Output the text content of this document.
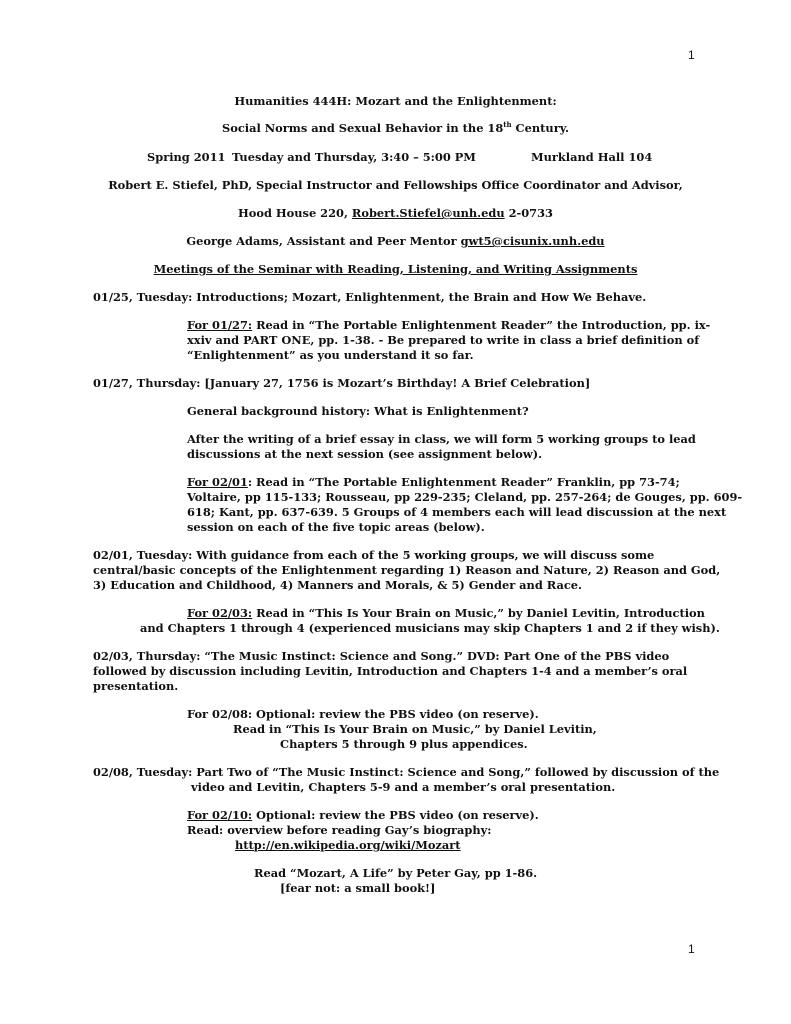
1
Humanities 444H: Mozart and the Enlightenment:
Social Norms and Sexual Behavior in the 18th Century.
Spring 2011 Tuesday and Thursday, 3:40 – 5:00 PM	Murkland Hall 104
Robert E. Stiefel, PhD, Special Instructor and Fellowships Office Coordinator and Advisor,
Hood House 220, Robert.Stiefel@unh.edu 2-0733
George Adams, Assistant and Peer Mentor gwt5@cisunix.unh.edu
Meetings of the Seminar with Reading, Listening, and Writing Assignments
01/25, Tuesday: Introductions; Mozart, Enlightenment, the Brain and How We Behave.
For 01/27: Read in “The Portable Enlightenment Reader” the Introduction, pp. ix-
xxiv and PART ONE, pp. 1-38. - Be prepared to write in class a brief definition of
“Enlightenment” as you understand it so far.
01/27, Thursday: [January 27, 1756 is Mozart’s Birthday! A Brief Celebration]
General background history: What is Enlightenment?
After the writing of a brief essay in class, we will form 5 working groups to lead
discussions at the next session (see assignment below).
For 02/01: Read in “The Portable Enlightenment Reader” Franklin, pp 73-74;
Voltaire, pp 115-133; Rousseau, pp 229-235; Cleland, pp. 257-264; de Gouges, pp. 609-
618; Kant, pp. 637-639. 5 Groups of 4 members each will lead discussion at the next
session on each of the five topic areas (below).
02/01, Tuesday: With guidance from each of the 5 working groups, we will discuss some
central/basic concepts of the Enlightenment regarding 1) Reason and Nature, 2) Reason and God,
3) Education and Childhood, 4) Manners and Morals, & 5) Gender and Race.
For 02/03: Read in “This Is Your Brain on Music,” by Daniel Levitin, Introduction
and Chapters 1 through 4 (experienced musicians may skip Chapters 1 and 2 if they wish).
02/03, Thursday: “The Music Instinct: Science and Song.” DVD: Part One of the PBS video
followed by discussion including Levitin, Introduction and Chapters 1-4 and a member’s oral
presentation.
For 02/08: Optional: review the PBS video (on reserve).
Read in “This Is Your Brain on Music,” by Daniel Levitin,
Chapters 5 through 9 plus appendices.
02/08, Tuesday: Part Two of “The Music Instinct: Science and Song,” followed by discussion of the
video and Levitin, Chapters 5-9 and a member’s oral presentation.
For 02/10: Optional: review the PBS video (on reserve).
Read: overview before reading Gay’s biography:
http://en.wikipedia.org/wiki/Mozart
Read “Mozart, A Life” by Peter Gay, pp 1-86.
[fear not: a small book!]
1
